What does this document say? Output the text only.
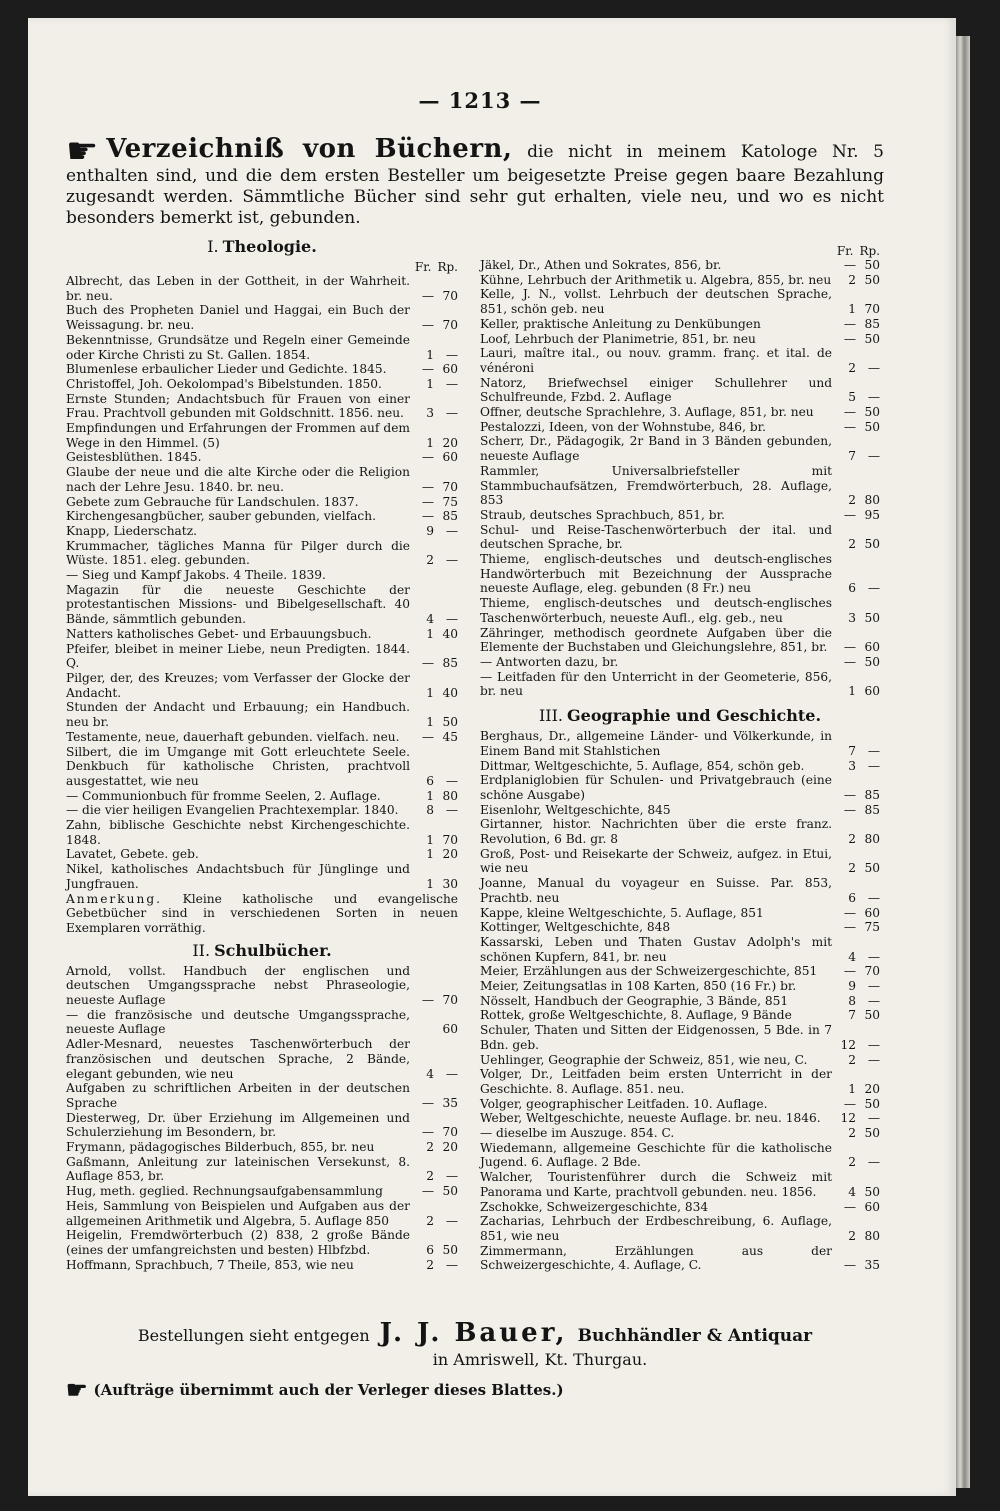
— 1213 —
☛ Verzeichniß von Büchern, die nicht in meinem Katologe Nr. 5 enthalten sind, und die dem ersten Besteller um beigesetzte Preise gegen baare Bezahlung zugesandt werden. Sämmtliche Bücher sind sehr gut erhalten, viele neu, und wo es nicht besonders bemerkt ist, gebunden.
I. Theologie.
Fr. Rp.
Albrecht, das Leben in der Gottheit, in der Wahrheit. br. neu.	— 70
Buch des Propheten Daniel und Haggai, ein Buch der Weissagung. br. neu.	— 70
Bekenntnisse, Grundsätze und Regeln einer Gemeinde oder Kirche Christi zu St. Gallen. 1854.	1 —
Blumenlese erbaulicher Lieder und Gedichte. 1845.	— 60
Christoffel, Joh. Oekolompad's Bibelstunden. 1850.	1 —
Ernste Stunden; Andachtsbuch für Frauen von einer Frau. Prachtvoll gebunden mit Goldschnitt. 1856. neu.	3 —
Empfindungen und Erfahrungen der Frommen auf dem Wege in den Himmel. (5)	1 20
Geistesblüthen. 1845.	— 60
Glaube der neue und die alte Kirche oder die Religion nach der Lehre Jesu. 1840. br. neu.	— 70
Gebete zum Gebrauche für Landschulen. 1837.	— 75
Kirchengesangbücher, sauber gebunden, vielfach.	— 85
Knapp, Liederschatz.	9 —
Krummacher, tägliches Manna für Pilger durch die Wüste. 1851. eleg. gebunden.	2 —
— Sieg und Kampf Jakobs. 4 Theile. 1839.
Magazin für die neueste Geschichte der protestantischen Missions- und Bibelgesellschaft. 40 Bände, sämmtlich gebunden.	4 —
Natters katholisches Gebet- und Erbauungsbuch.	1 40
Pfeifer, bleibet in meiner Liebe, neun Predigten. 1844. Q.	— 85
Pilger, der, des Kreuzes; vom Verfasser der Glocke der Andacht.	1 40
Stunden der Andacht und Erbauung; ein Handbuch. neu br.	1 50
Testamente, neue, dauerhaft gebunden. vielfach. neu.	— 45
Silbert, die im Umgange mit Gott erleuchtete Seele. Denkbuch für katholische Christen, prachtvoll ausgestattet, wie neu	6 —
— Communionbuch für fromme Seelen, 2. Auflage.	1 80
— die vier heiligen Evangelien Prachtexemplar. 1840.	8 —
Zahn, biblische Geschichte nebst Kirchengeschichte. 1848.	1 70
Lavatet, Gebete. geb.	1 20
Nikel, katholisches Andachtsbuch für Jünglinge und Jungfrauen.	1 30
Anmerkung. Kleine katholische und evangelische Gebetbücher sind in verschiedenen Sorten in neuen Exemplaren vorräthig.
II. Schulbücher.
Arnold, vollst. Handbuch der englischen und deutschen Umgangssprache nebst Phraseologie, neueste Auflage	— 70
— die französische und deutsche Umgangssprache, neueste Auflage	60
Adler-Mesnard, neuestes Taschenwörterbuch der französischen und deutschen Sprache, 2 Bände, elegant gebunden, wie neu	4 —
Aufgaben zu schriftlichen Arbeiten in der deutschen Sprache	— 35
Diesterweg, Dr. über Erziehung im Allgemeinen und Schulerziehung im Besondern, br.	— 70
Frymann, pädagogisches Bilderbuch, 855, br. neu	2 20
Gaßmann, Anleitung zur lateinischen Versekunst, 8. Auflage 853, br.	2 —
Hug, meth. geglied. Rechnungsaufgabensammlung	— 50
Heis, Sammlung von Beispielen und Aufgaben aus der allgemeinen Arithmetik und Algebra, 5. Auflage 850	2 —
Heigelin, Fremdwörterbuch (2) 838, 2 große Bände (eines der umfangreichsten und besten) Hlbfzbd.	6 50
Hoffmann, Sprachbuch, 7 Theile, 853, wie neu	2 —
Fr. Rp.
Jäkel, Dr., Athen und Sokrates, 856, br.	— 50
Kühne, Lehrbuch der Arithmetik u. Algebra, 855, br. neu	2 50
Kelle, J. N., vollst. Lehrbuch der deutschen Sprache, 851, schön geb. neu	1 70
Keller, praktische Anleitung zu Denkübungen	— 85
Loof, Lehrbuch der Planimetrie, 851, br. neu	— 50
Lauri, maître ital., ou nouv. gramm. franç. et ital. de vénéroni	2 —
Natorz, Briefwechsel einiger Schullehrer und Schulfreunde, Fzbd. 2. Auflage	5 —
Offner, deutsche Sprachlehre, 3. Auflage, 851, br. neu	— 50
Pestalozzi, Ideen, von der Wohnstube, 846, br.	— 50
Scherr, Dr., Pädagogik, 2r Band in 3 Bänden gebunden, neueste Auflage	7 —
Rammler, Universalbriefsteller mit Stammbuchaufsätzen, Fremdwörterbuch, 28. Auflage, 853	2 80
Straub, deutsches Sprachbuch, 851, br.	— 95
Schul- und Reise-Taschenwörterbuch der ital. und deutschen Sprache, br.	2 50
Thieme, englisch-deutsches und deutsch-englisches Handwörterbuch mit Bezeichnung der Aussprache neueste Auflage, eleg. gebunden (8 Fr.) neu	6 —
Thieme, englisch-deutsches und deutsch-englisches Taschenwörterbuch, neueste Aufl., elg. geb., neu	3 50
Zähringer, methodisch geordnete Aufgaben über die Elemente der Buchstaben und Gleichungslehre, 851, br.	— 60
— Antworten dazu, br.	— 50
— Leitfaden für den Unterricht in der Geometerie, 856, br. neu	1 60
III. Geographie und Geschichte.
Berghaus, Dr., allgemeine Länder- und Völkerkunde, in Einem Band mit Stahlstichen	7 —
Dittmar, Weltgeschichte, 5. Auflage, 854, schön geb.	3 —
Erdplaniglobien für Schulen- und Privatgebrauch (eine schöne Ausgabe)	— 85
Eisenlohr, Weltgeschichte, 845	— 85
Girtanner, histor. Nachrichten über die erste franz. Revolution, 6 Bd. gr. 8	2 80
Groß, Post- und Reisekarte der Schweiz, aufgez. in Etui, wie neu	2 50
Joanne, Manual du voyageur en Suisse. Par. 853, Prachtb. neu	6 —
Kappe, kleine Weltgeschichte, 5. Auflage, 851	— 60
Kottinger, Weltgeschichte, 848	— 75
Kassarski, Leben und Thaten Gustav Adolph's mit schönen Kupfern, 841, br. neu	4 —
Meier, Erzählungen aus der Schweizergeschichte, 851	— 70
Meier, Zeitungsatlas in 108 Karten, 850 (16 Fr.) br.	9 —
Nösselt, Handbuch der Geographie, 3 Bände, 851	8 —
Rottek, große Weltgeschichte, 8. Auflage, 9 Bände	7 50
Schuler, Thaten und Sitten der Eidgenossen, 5 Bde. in 7 Bdn. geb.	12 —
Uehlinger, Geographie der Schweiz, 851, wie neu, C.	2 —
Volger, Dr., Leitfaden beim ersten Unterricht in der Geschichte. 8. Auflage. 851. neu.	1 20
Volger, geographischer Leitfaden. 10. Auflage.	— 50
Weber, Weltgeschichte, neueste Auflage. br. neu. 1846.	12 —
— dieselbe im Auszuge. 854. C.	2 50
Wiedemann, allgemeine Geschichte für die katholische Jugend. 6. Auflage. 2 Bde.	2 —
Walcher, Touristenführer durch die Schweiz mit Panorama und Karte, prachtvoll gebunden. neu. 1856.	4 50
Zschokke, Schweizergeschichte, 834	— 60
Zacharias, Lehrbuch der Erdbeschreibung, 6. Auflage, 851, wie neu	2 80
Zimmermann, Erzählungen aus der Schweizergeschichte, 4. Auflage, C.	— 35
Bestellungen sieht entgegen J. J. Bauer, Buchhändler & Antiquar
in Amriswell, Kt. Thurgau.
☛ (Aufträge übernimmt auch der Verleger dieses Blattes.)
